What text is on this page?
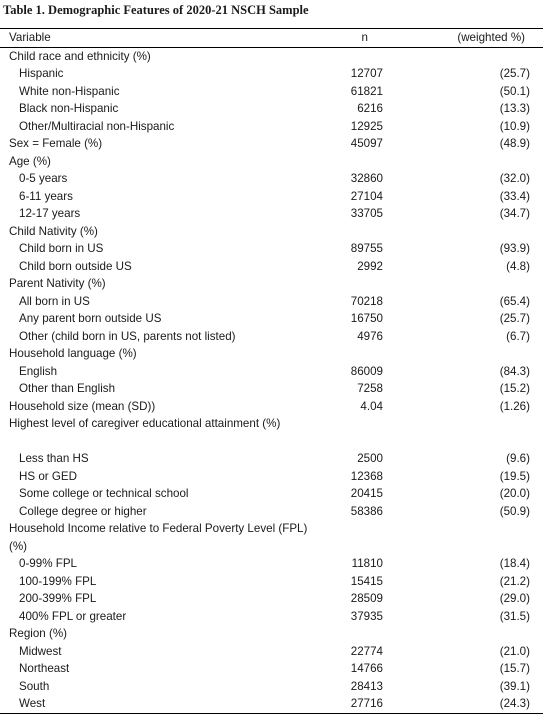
Table 1. Demographic Features of 2020-21 NSCH Sample
Variable	n	(weighted %)
Child race and ethnicity (%)
Hispanic	12707	(25.7)
White non-Hispanic	61821	(50.1)
Black non-Hispanic	6216	(13.3)
Other/Multiracial non-Hispanic	12925	(10.9)
Sex = Female (%)	45097	(48.9)
Age (%)
0-5 years	32860	(32.0)
6-11 years	27104	(33.4)
12-17 years	33705	(34.7)
Child Nativity (%)
Child born in US	89755	(93.9)
Child born outside US	2992	(4.8)
Parent Nativity (%)
All born in US	70218	(65.4)
Any parent born outside US	16750	(25.7)
Other (child born in US, parents not listed)	4976	(6.7)
Household language (%)
English	86009	(84.3)
Other than English	7258	(15.2)
Household size (mean (SD))	4.04	(1.26)
Highest level of caregiver educational attainment (%)
Less than HS	2500	(9.6)
HS or GED	12368	(19.5)
Some college or technical school	20415	(20.0)
College degree or higher	58386	(50.9)
Household Income relative to Federal Poverty Level (FPL) (%)
0-99% FPL	11810	(18.4)
100-199% FPL	15415	(21.2)
200-399% FPL	28509	(29.0)
400% FPL or greater	37935	(31.5)
Region (%)
Midwest	22774	(21.0)
Northeast	14766	(15.7)
South	28413	(39.1)
West	27716	(24.3)
